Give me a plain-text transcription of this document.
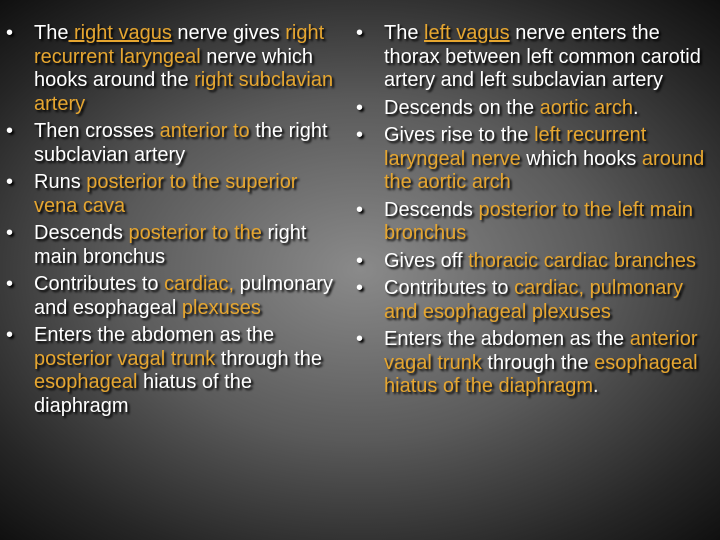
• The right vagus nerve gives right recurrent laryngeal nerve which hooks around the right subclavian artery
• Then crosses anterior to the right subclavian artery
• Runs posterior to the superior vena cava
• Descends posterior to the right main bronchus
• Contributes to cardiac, pulmonary and esophageal plexuses
• Enters the abdomen as the posterior vagal trunk through the esophageal hiatus of the diaphragm
• The left vagus nerve enters the thorax between left common carotid artery and left subclavian artery
• Descends on the aortic arch.
• Gives rise to the left recurrent laryngeal nerve which hooks around the aortic arch
• Descends posterior to the left main bronchus
• Gives off thoracic cardiac branches
• Contributes to cardiac, pulmonary and esophageal plexuses
• Enters the abdomen as the anterior vagal trunk through the esophageal hiatus of the diaphragm.
